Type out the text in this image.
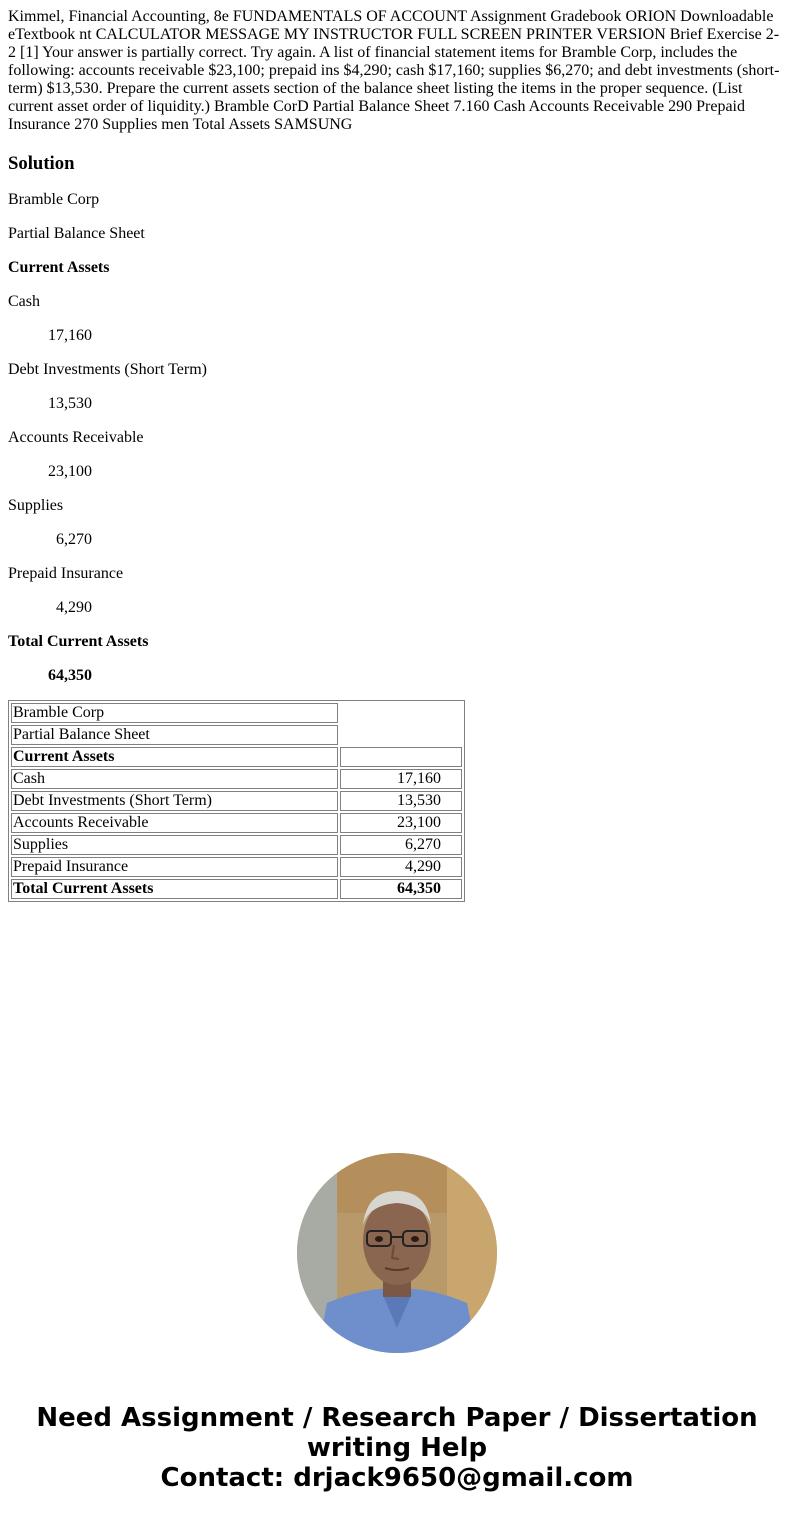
Kimmel, Financial Accounting, 8e FUNDAMENTALS OF ACCOUNT Assignment Gradebook ORION Downloadable eTextbook nt CALCULATOR MESSAGE MY INSTRUCTOR FULL SCREEN PRINTER VERSION Brief Exercise 2-2 [1] Your answer is partially correct. Try again. A list of financial statement items for Bramble Corp, includes the following: accounts receivable $23,100; prepaid ins $4,290; cash $17,160; supplies $6,270; and debt investments (short-term) $13,530. Prepare the current assets section of the balance sheet listing the items in the proper sequence. (List current asset order of liquidity.) Bramble CorD Partial Balance Sheet 7.160 Cash Accounts Receivable 290 Prepaid Insurance 270 Supplies men Total Assets SAMSUNG
Solution

Bramble Corp

Partial Balance Sheet

Current Assets

Cash

17,160

Debt Investments (Short Term)

13,530

Accounts Receivable

23,100

Supplies

6,270

Prepaid Insurance

4,290

Total Current Assets

64,350

Bramble Corp	
Partial Balance Sheet	
Current Assets	
Cash	17,160
Debt Investments (Short Term)	13,530
Accounts Receivable	23,100
Supplies	6,270
Prepaid Insurance	4,290
Total Current Assets	64,350
Need Assignment / Research Paper / Dissertation
writing Help
Contact: drjack9650@gmail.com
